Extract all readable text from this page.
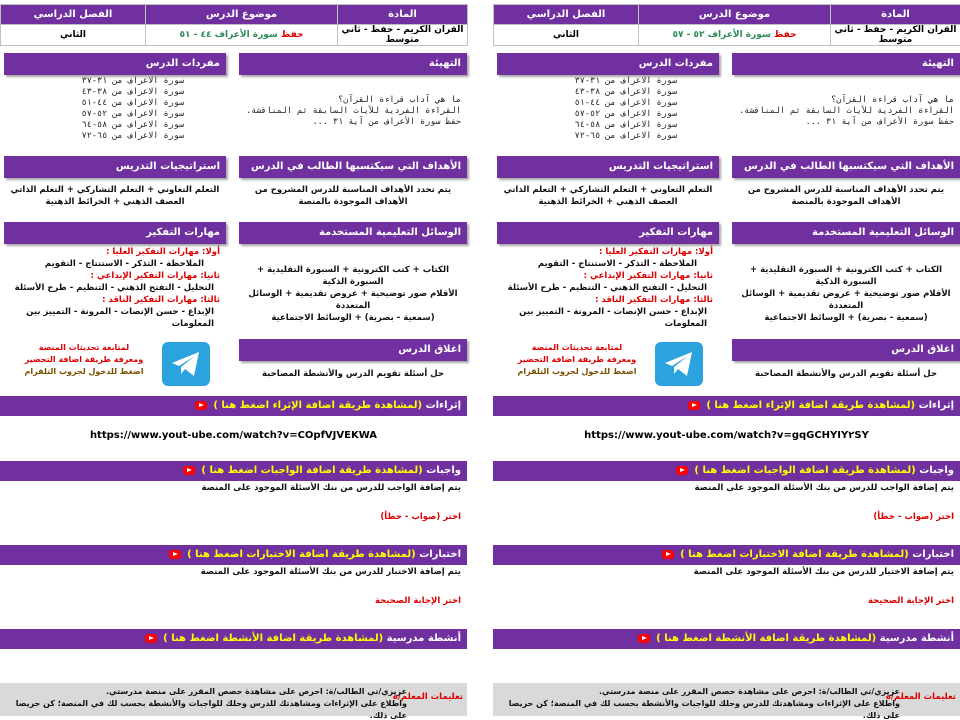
المادة	موضوع الدرس	الفصل الدراسي
القران الكريم - حفظ - ثاني متوسط	حفظ سورة الأعراف ٥٢ - ٥٧	الثاني
التهيئة
ما هي آداب قراءة القرآن؟
القراءة الفردية للآيات السابقة ثم المناقشة.
حفظ سورة الأعراف من آية ٣١ ...
مفردات الدرس
سورة الاعراف من ٣١-٣٧
سورة الاعراف من ٣٨-٤٣
سورة الاعراف من ٤٤-٥١
سورة الاعراف من ٥٢-٥٧
سورة الاعراف من ٥٨-٦٤
سورة الاعراف من ٦٥-٧٢
الأهداف التي سيكتسبها الطالب في الدرس
يتم تحدد الأهداف المناسبة للدرس المشروح من الأهداف الموجودة بالمنصة
استراتيجيات التدريس
التعلم التعاوني + التعلم التشاركي + التعلم الذاتي
العصف الذهني + الخرائط الذهنية
الوسائل التعليمية المستخدمة
الكتاب + كتب الكترونية + السبورة التقليدية + السبورة الذكية
الأقلام صور توضيحية + عروض تقديمية + الوسائل المتعددة
(سمعية - بصرية) + الوسائط الاجتماعية
مهارات التفكير
أولا: مهارات التفكير العليا :
الملاحظة - التذكر - الاستنتاج - التقويم
ثانيا: مهارات التفكير الإبداعي :
التحليل - التفتح الذهني - التنظيم - طرح الأسئلة
ثالثا: مهارات التفكير الناقد :
الإبداع - حسن الإنصات - المرونة - التمييز بين المعلومات
اغلاق الدرس
حل أسئلة تقويم الدرس والأنشطة المصاحبة
لمتابعة تحديثات المنصة
ومعرفة طريقة اضافة التحضير
اضغط للدخول لجروب التلقرام
إثراءات (لمشاهدة طريقة اضافة الإثراء اضغط هنا )
https://www.yout-ube.com/watch?v=gqGCHYIY٢SY
واجبات (لمشاهدة طريقة اضافة الواجبات اضغط هنا )
يتم إضافة الواجب للدرس من بنك الأسئلة الموجود على المنصة
اختر (صواب - خطأ)
اختبارات (لمشاهدة طريقة اضافة الاختبارات اضغط هنا )
يتم إضافة الاختبار للدرس من بنك الأسئلة الموجود على المنصة
اختر الإجابة الصحيحة
أنشطة مدرسية (لمشاهدة طريقة اضافة الأنشطة اضغط هنا )
تعليمات المعلم/ة
عزيزي/تي الطالب/ة: احرص على مشاهدة حصص المقرر على منصة مدرستي.
واطلاع على الإثراءات ومشاهدتك للدرس وحلك للواجبات والأنشطة بحسب لك في المنصة؛ كن حريصا على ذلك.
المادة	موضوع الدرس	الفصل الدراسي
القران الكريم - حفظ - ثاني متوسط	حفظ سورة الأعراف ٤٤ - ٥١	الثاني
التهيئة
ما هي آداب قراءة القرآن؟
القراءة الفردية للآيات السابقة ثم المناقشة.
حفظ سورة الأعراف من آية ٣١ ...
مفردات الدرس
سورة الاعراف من ٣١-٣٧
سورة الاعراف من ٣٨-٤٣
سورة الاعراف من ٤٤-٥١
سورة الاعراف من ٥٢-٥٧
سورة الاعراف من ٥٨-٦٤
سورة الاعراف من ٦٥-٧٢
الأهداف التي سيكتسبها الطالب في الدرس
يتم تحدد الأهداف المناسبة للدرس المشروح من الأهداف الموجودة بالمنصة
استراتيجيات التدريس
التعلم التعاوني + التعلم التشاركي + التعلم الذاتي
العصف الذهني + الخرائط الذهنية
الوسائل التعليمية المستخدمة
الكتاب + كتب الكترونية + السبورة التقليدية + السبورة الذكية
الأقلام صور توضيحية + عروض تقديمية + الوسائل المتعددة
(سمعية - بصرية) + الوسائط الاجتماعية
مهارات التفكير
أولا: مهارات التفكير العليا :
الملاحظة - التذكر - الاستنتاج - التقويم
ثانيا: مهارات التفكير الإبداعي :
التحليل - التفتح الذهني - التنظيم - طرح الأسئلة
ثالثا: مهارات التفكير الناقد :
الإبداع - حسن الإنصات - المرونة - التمييز بين المعلومات
اغلاق الدرس
حل أسئلة تقويم الدرس والأنشطة المصاحبة
لمتابعة تحديثات المنصة
ومعرفة طريقة اضافة التحضير
اضغط للدخول لجروب التلقرام
إثراءات (لمشاهدة طريقة اضافة الإثراء اضغط هنا )
https://www.yout-ube.com/watch?v=COpfVJVEKWA
واجبات (لمشاهدة طريقة اضافة الواجبات اضغط هنا )
يتم إضافة الواجب للدرس من بنك الأسئلة الموجود على المنصة
اختر (صواب - خطأ)
اختبارات (لمشاهدة طريقة اضافة الاختبارات اضغط هنا )
يتم إضافة الاختبار للدرس من بنك الأسئلة الموجود على المنصة
اختر الإجابة الصحيحة
أنشطة مدرسية (لمشاهدة طريقة اضافة الأنشطة اضغط هنا )
تعليمات المعلم/ة
عزيزي/تي الطالب/ة: احرص على مشاهدة حصص المقرر على منصة مدرستي.
واطلاع على الإثراءات ومشاهدتك للدرس وحلك للواجبات والأنشطة بحسب لك في المنصة؛ كن حريصا على ذلك.
